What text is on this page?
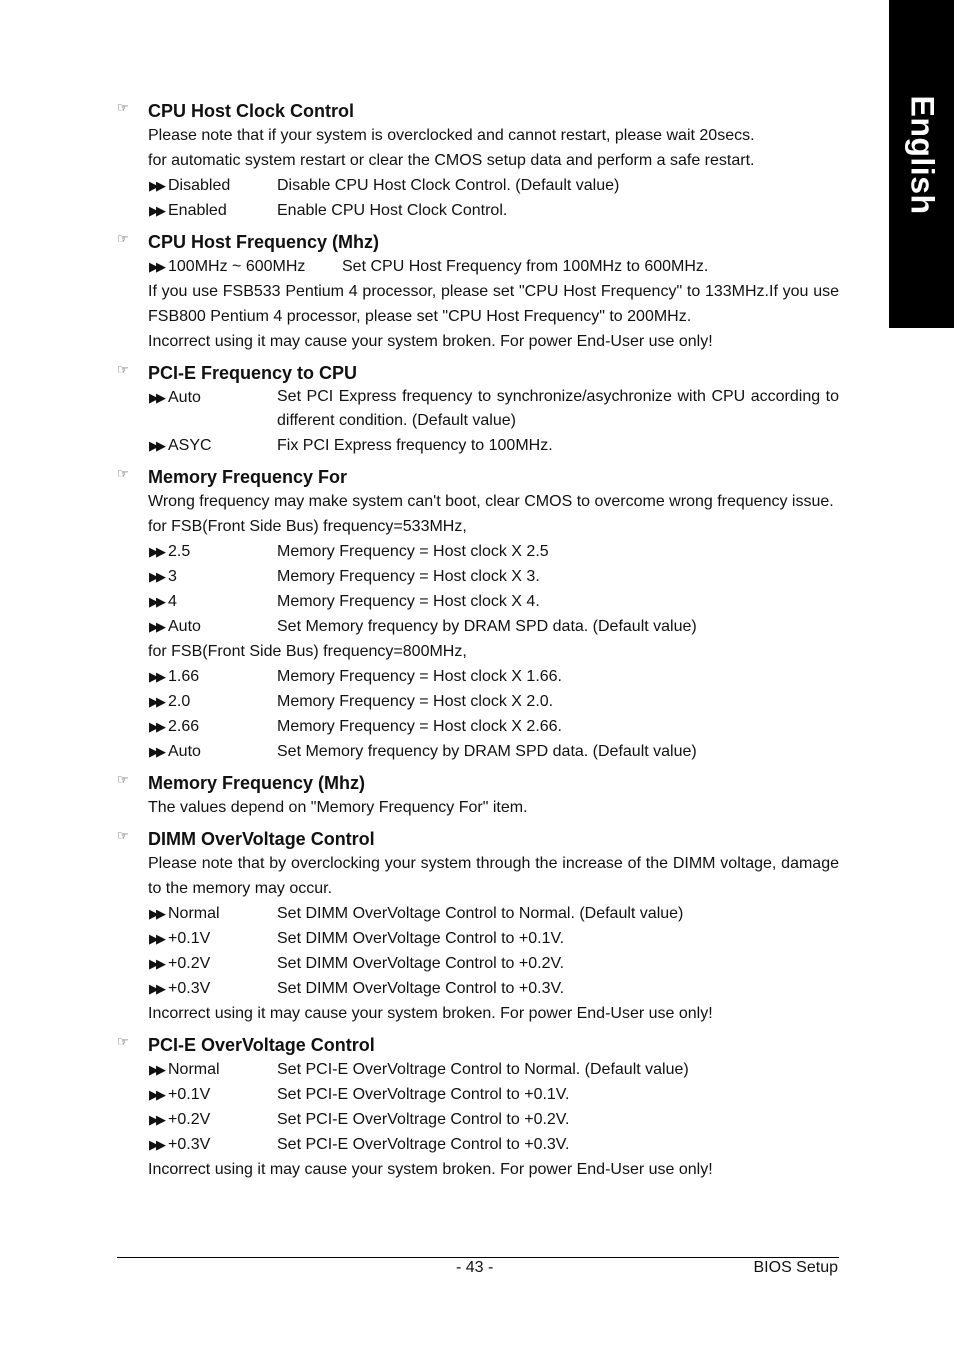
English
☞	CPU Host Clock Control
Please note that if your system is overclocked and cannot restart, please wait 20secs.
for automatic system restart or clear the CMOS setup data and perform a safe restart.
▶▶ Disabled	Disable CPU Host Clock Control. (Default value)
▶▶ Enabled	Enable CPU Host Clock Control.
☞	CPU Host Frequency (Mhz)
▶▶ 100MHz ~ 600MHz Set CPU Host Frequency from 100MHz to 600MHz.
If you use FSB533 Pentium 4 processor, please set "CPU Host Frequency" to 133MHz.If you use FSB800 Pentium 4 processor, please set "CPU Host Frequency" to 200MHz.
Incorrect using it may cause your system broken. For power End-User use only!
☞	PCI-E Frequency to CPU
▶▶ Auto	Set PCI Express frequency to synchronize/asychronize with CPU according to different condition. (Default value)
▶▶ ASYC	Fix PCI Express frequency to 100MHz.
☞	Memory Frequency For
Wrong frequency may make system can't boot, clear CMOS to overcome wrong frequency issue.
for FSB(Front Side Bus) frequency=533MHz,
▶▶ 2.5	Memory Frequency = Host clock X 2.5
▶▶ 3	Memory Frequency = Host clock X 3.
▶▶ 4	Memory Frequency = Host clock X 4.
▶▶ Auto	Set Memory frequency by DRAM SPD data. (Default value)
for FSB(Front Side Bus) frequency=800MHz,
▶▶ 1.66	Memory Frequency = Host clock X 1.66.
▶▶ 2.0	Memory Frequency = Host clock X 2.0.
▶▶ 2.66	Memory Frequency = Host clock X 2.66.
▶▶ Auto	Set Memory frequency by DRAM SPD data. (Default value)
☞	Memory Frequency (Mhz)
The values depend on "Memory Frequency For" item.
☞	DIMM OverVoltage Control
Please note that by overclocking your system through the increase of the DIMM voltage, damage to the memory may occur.
▶▶ Normal	Set DIMM OverVoltage Control to Normal. (Default value)
▶▶ +0.1V	Set DIMM OverVoltage Control to +0.1V.
▶▶ +0.2V	Set DIMM OverVoltage Control to +0.2V.
▶▶ +0.3V	Set DIMM OverVoltage Control to +0.3V.
Incorrect using it may cause your system broken. For power End-User use only!
☞	PCI-E OverVoltage Control
▶▶ Normal	Set PCI-E OverVoltrage Control to Normal. (Default value)
▶▶ +0.1V	Set PCI-E OverVoltrage Control to +0.1V.
▶▶ +0.2V	Set PCI-E OverVoltrage Control to +0.2V.
▶▶ +0.3V	Set PCI-E OverVoltrage Control to +0.3V.
Incorrect using it may cause your system broken. For power End-User use only!
- 43 -	BIOS Setup
